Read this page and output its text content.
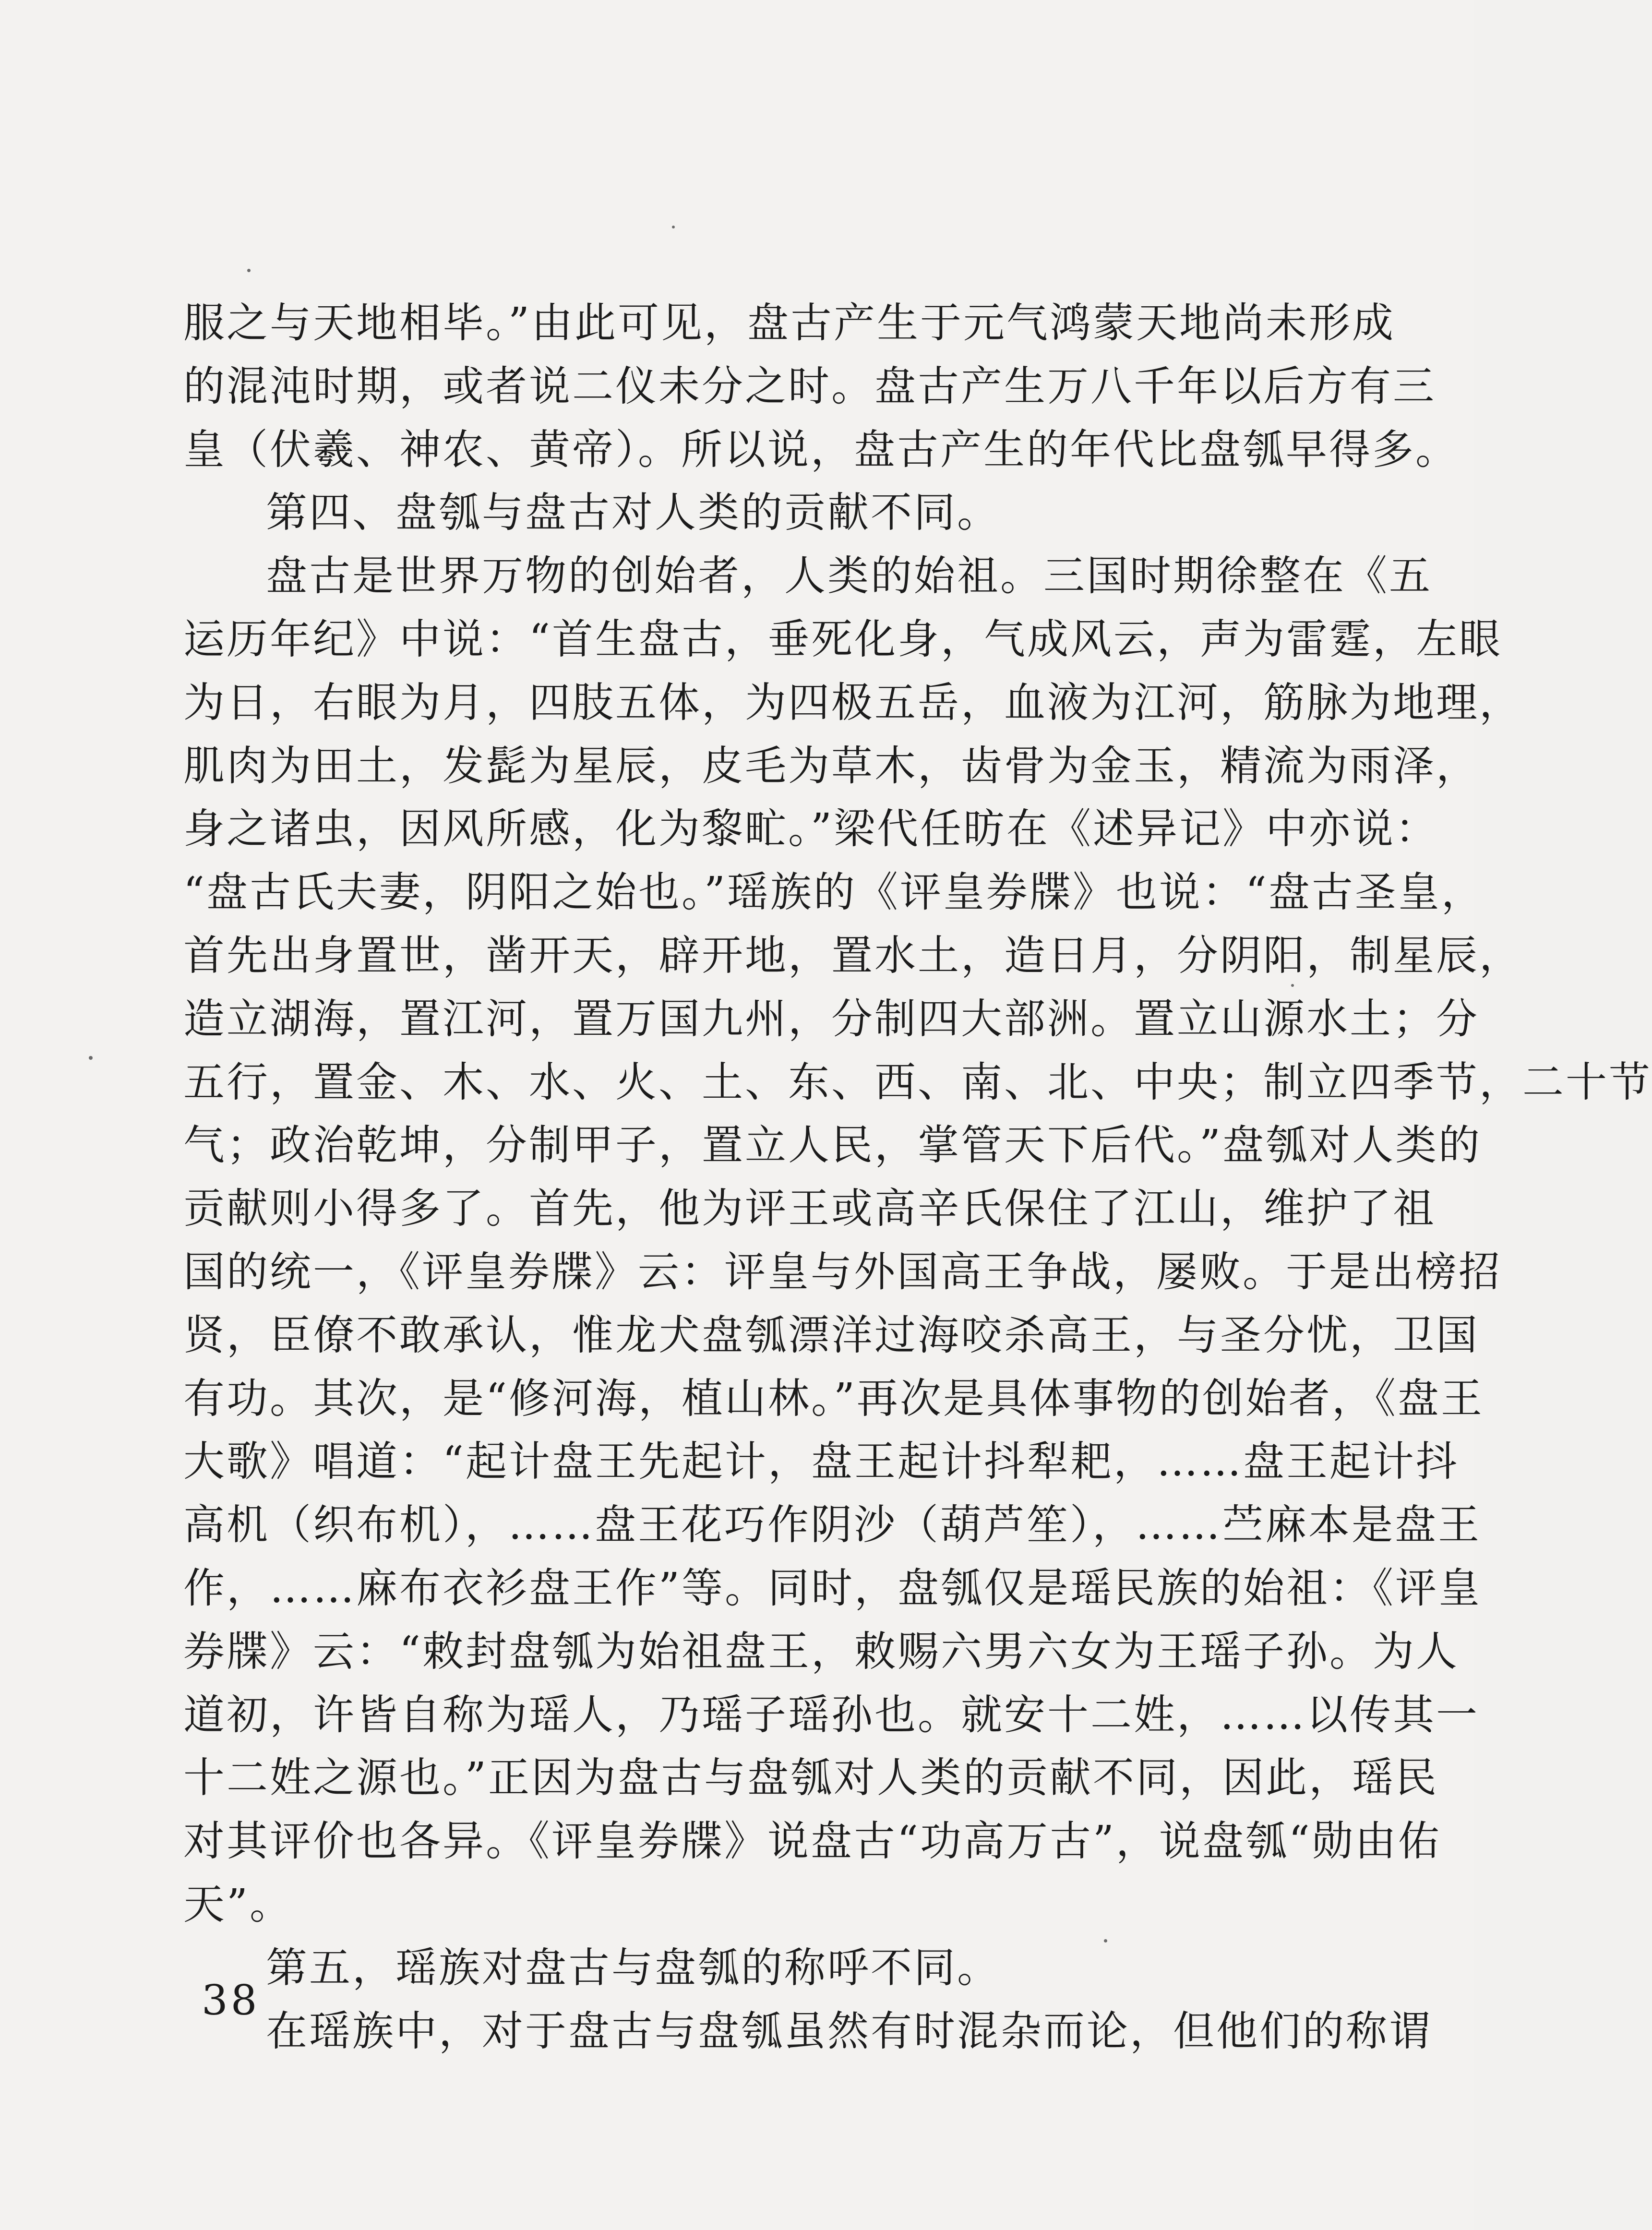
服之与天地相毕。”由此可见，盘古产生于元气鸿蒙天地尚未形成
的混沌时期，或者说二仪未分之时。盘古产生万八千年以后方有三
皇（伏羲、神农、黄帝）。所以说，盘古产生的年代比盘瓠早得多。
第四、盘瓠与盘古对人类的贡献不同。
盘古是世界万物的创始者，人类的始祖。三国时期徐整在《五
运历年纪》中说：“首生盘古，垂死化身，气成风云，声为雷霆，左眼
为日，右眼为月，四肢五体，为四极五岳，血液为江河，筋脉为地理，
肌肉为田土，发髭为星辰，皮毛为草木，齿骨为金玉，精流为雨泽，
身之诸虫，因风所感，化为黎甿。”梁代任昉在《述异记》中亦说：
“盘古氏夫妻，阴阳之始也。”瑶族的《评皇券牒》也说：“盘古圣皇，
首先出身置世，凿开天，辟开地，置水土，造日月，分阴阳，制星辰，
造立湖海，置江河，置万国九州，分制四大部洲。置立山源水土；分
五行，置金、木、水、火、土、东、西、南、北、中央；制立四季节，二十节
气；政治乾坤，分制甲子，置立人民，掌管天下后代。”盘瓠对人类的
贡献则小得多了。首先，他为评王或高辛氏保住了江山，维护了祖
国的统一，《评皇券牒》云：评皇与外国高王争战，屡败。于是出榜招
贤，臣僚不敢承认，惟龙犬盘瓠漂洋过海咬杀高王，与圣分忧，卫国
有功。其次，是“修河海，植山林。”再次是具体事物的创始者，《盘王
大歌》唱道：“起计盘王先起计，盘王起计抖犁耙，……盘王起计抖
高机（织布机），……盘王花巧作阴沙（葫芦笙），……苎麻本是盘王
作，……麻布衣衫盘王作”等。同时，盘瓠仅是瑶民族的始祖：《评皇
券牒》云：“敕封盘瓠为始祖盘王，敕赐六男六女为王瑶子孙。为人
道初，许皆自称为瑶人，乃瑶子瑶孙也。就安十二姓，……以传其一
十二姓之源也。”正因为盘古与盘瓠对人类的贡献不同，因此，瑶民
对其评价也各异。《评皇券牒》说盘古“功高万古”，说盘瓠“勋由佑
天”。
第五，瑶族对盘古与盘瓠的称呼不同。
在瑶族中，对于盘古与盘瓠虽然有时混杂而论，但他们的称谓
38
